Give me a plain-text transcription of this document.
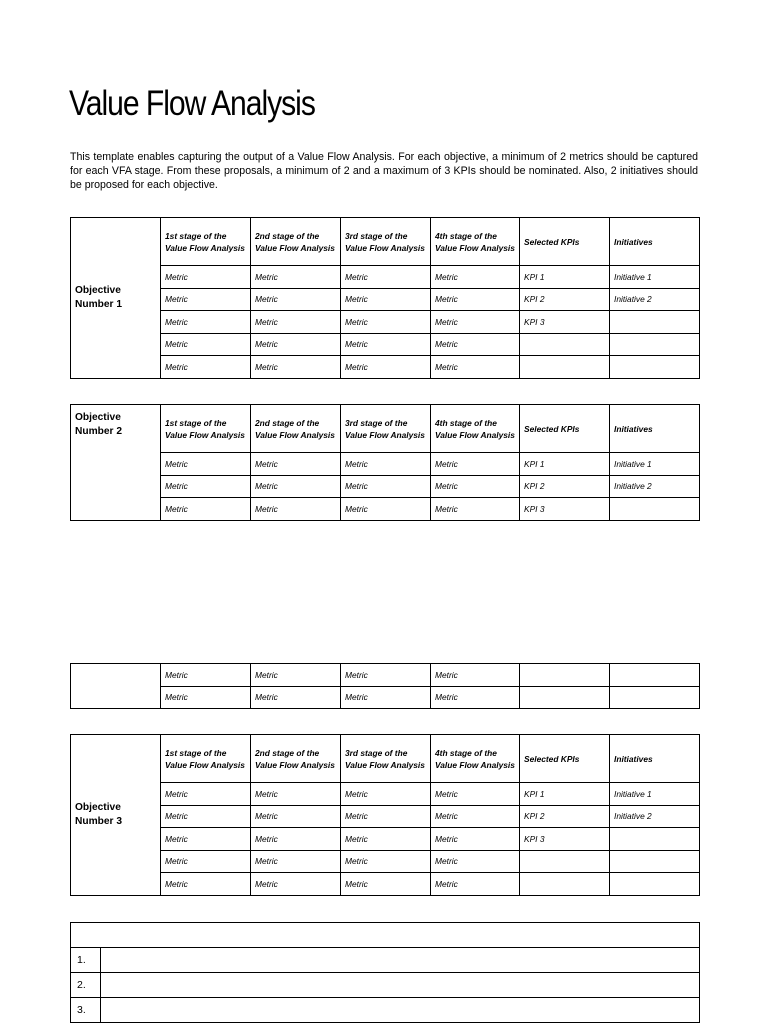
Value Flow Analysis
This template enables capturing the output of a Value Flow Analysis. For each objective, a minimum of 2 metrics should be captured for each VFA stage. From these proposals, a minimum of 2 and a maximum of 3 KPIs should be nominated. Also, 2 initiatives should be proposed for each objective.
Objective Number 1	1st stage of the Value Flow Analysis	2nd stage of the Value Flow Analysis	3rd stage of the Value Flow Analysis	4th stage of the Value Flow Analysis	Selected KPIs	Initiatives
	Metric	Metric	Metric	Metric	KPI 1	Initiative 1
	Metric	Metric	Metric	Metric	KPI 2	Initiative 2
	Metric	Metric	Metric	Metric	KPI 3	
	Metric	Metric	Metric	Metric		
	Metric	Metric	Metric	Metric		
Objective Number 2	1st stage of the Value Flow Analysis	2nd stage of the Value Flow Analysis	3rd stage of the Value Flow Analysis	4th stage of the Value Flow Analysis	Selected KPIs	Initiatives
	Metric	Metric	Metric	Metric	KPI 1	Initiative 1
	Metric	Metric	Metric	Metric	KPI 2	Initiative 2
	Metric	Metric	Metric	Metric	KPI 3	
	Metric	Metric	Metric	Metric		
	Metric	Metric	Metric	Metric		
Objective Number 3	1st stage of the Value Flow Analysis	2nd stage of the Value Flow Analysis	3rd stage of the Value Flow Analysis	4th stage of the Value Flow Analysis	Selected KPIs	Initiatives
	Metric	Metric	Metric	Metric	KPI 1	Initiative 1
	Metric	Metric	Metric	Metric	KPI 2	Initiative 2
	Metric	Metric	Metric	Metric	KPI 3	
	Metric	Metric	Metric	Metric		
	Metric	Metric	Metric	Metric		

1.	
2.	
3.	
